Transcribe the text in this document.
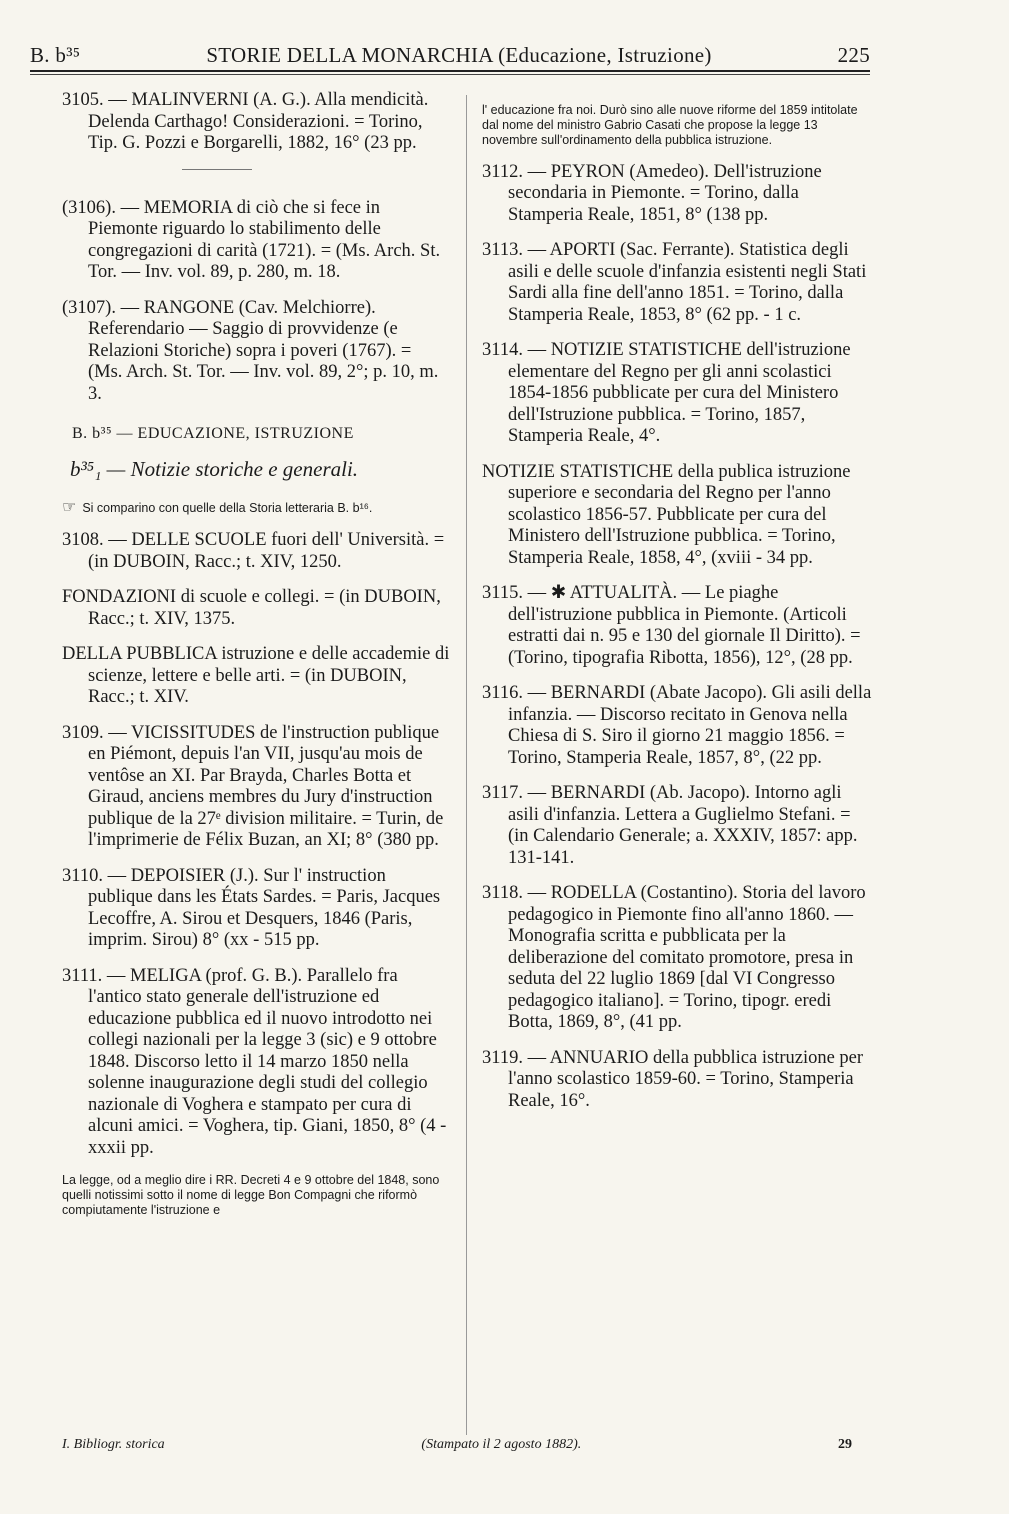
B. b³⁵	STORIE DELLA MONARCHIA (Educazione, Istruzione)	225

3105. — MALINVERNI (A. G.). Alla mendicità. Delenda Carthago! Considerazioni. = Torino, Tip. G. Pozzi e Borgarelli, 1882, 16° (23 pp.

(3106). — MEMORIA di ciò che si fece in Piemonte riguardo lo stabilimento delle congregazioni di carità (1721). = (Ms. Arch. St. Tor. — Inv. vol. 89, p. 280, m. 18.

(3107). — RANGONE (Cav. Melchiorre). Referendario — Saggio di provvidenze (e Relazioni Storiche) sopra i poveri (1767). = (Ms. Arch. St. Tor. — Inv. vol. 89, 2°; p. 10, m. 3.

B. b³⁵ — EDUCAZIONE, ISTRUZIONE
b³⁵₁ — Notizie storiche e generali.

☞ Si comparino con quelle della Storia letteraria B. b¹⁶.

3108. — DELLE SCUOLE fuori dell' Università. = (in DUBOIN, Racc.; t. XIV, 1250.

FONDAZIONI di scuole e collegi. = (in DUBOIN, Racc.; t. XIV, 1375.

DELLA PUBBLICA istruzione e delle accademie di scienze, lettere e belle arti. = (in DUBOIN, Racc.; t. XIV.

3109. — VICISSITUDES de l'instruction publique en Piémont, depuis l'an VII, jusqu'au mois de ventôse an XI. Par Brayda, Charles Botta et Giraud, anciens membres du Jury d'instruction publique de la 27ᵉ division militaire. = Turin, de l'imprimerie de Félix Buzan, an XI; 8° (380 pp.

3110. — DEPOISIER (J.). Sur l' instruction publique dans les États Sardes. = Paris, Jacques Lecoffre, A. Sirou et Desquers, 1846 (Paris, imprim. Sirou) 8° (xx - 515 pp.

3111. — MELIGA (prof. G. B.). Parallelo fra l'antico stato generale dell'istruzione ed educazione pubblica ed il nuovo introdotto nei collegi nazionali per la legge 3 (sic) e 9 ottobre 1848. Discorso letto il 14 marzo 1850 nella solenne inaugurazione degli studi del collegio nazionale di Voghera e stampato per cura di alcuni amici. = Voghera, tip. Giani, 1850, 8° (4 - xxxii pp.

La legge, od a meglio dire i RR. Decreti 4 e 9 ottobre del 1848, sono quelli notissimi sotto il nome di legge Bon Compagni che riformò compiutamente l'istruzione e

l' educazione fra noi. Durò sino alle nuove riforme del 1859 intitolate dal nome del ministro Gabrio Casati che propose la legge 13 novembre sull'ordinamento della pubblica istruzione.

3112. — PEYRON (Amedeo). Dell'istruzione secondaria in Piemonte. = Torino, dalla Stamperia Reale, 1851, 8° (138 pp.

3113. — APORTI (Sac. Ferrante). Statistica degli asili e delle scuole d'infanzia esistenti negli Stati Sardi alla fine dell'anno 1851. = Torino, dalla Stamperia Reale, 1853, 8° (62 pp. - 1 c.

3114. — NOTIZIE STATISTICHE dell'istruzione elementare del Regno per gli anni scolastici 1854-1856 pubblicate per cura del Ministero dell'Istruzione pubblica. = Torino, 1857, Stamperia Reale, 4°.

NOTIZIE STATISTICHE della publica istruzione superiore e secondaria del Regno per l'anno scolastico 1856-57. Pubblicate per cura del Ministero dell'Istruzione pubblica. = Torino, Stamperia Reale, 1858, 4°, (xviii - 34 pp.

3115. — ✱ ATTUALITÀ. — Le piaghe dell'istruzione pubblica in Piemonte. (Articoli estratti dai n. 95 e 130 del giornale Il Diritto). = (Torino, tipografia Ribotta, 1856), 12°, (28 pp.

3116. — BERNARDI (Abate Jacopo). Gli asili della infanzia. — Discorso recitato in Genova nella Chiesa di S. Siro il giorno 21 maggio 1856. = Torino, Stamperia Reale, 1857, 8°, (22 pp.

3117. — BERNARDI (Ab. Jacopo). Intorno agli asili d'infanzia. Lettera a Guglielmo Stefani. = (in Calendario Generale; a. XXXIV, 1857: app. 131-141.

3118. — RODELLA (Costantino). Storia del lavoro pedagogico in Piemonte fino all'anno 1860. — Monografia scritta e pubblicata per la deliberazione del comitato promotore, presa in seduta del 22 luglio 1869 [dal VI Congresso pedagogico italiano]. = Torino, tipogr. eredi Botta, 1869, 8°, (41 pp.

3119. — ANNUARIO della pubblica istruzione per l'anno scolastico 1859-60. = Torino, Stamperia Reale, 16°.

I. Bibliogr. storica	(Stampato il 2 agosto 1882).	29
